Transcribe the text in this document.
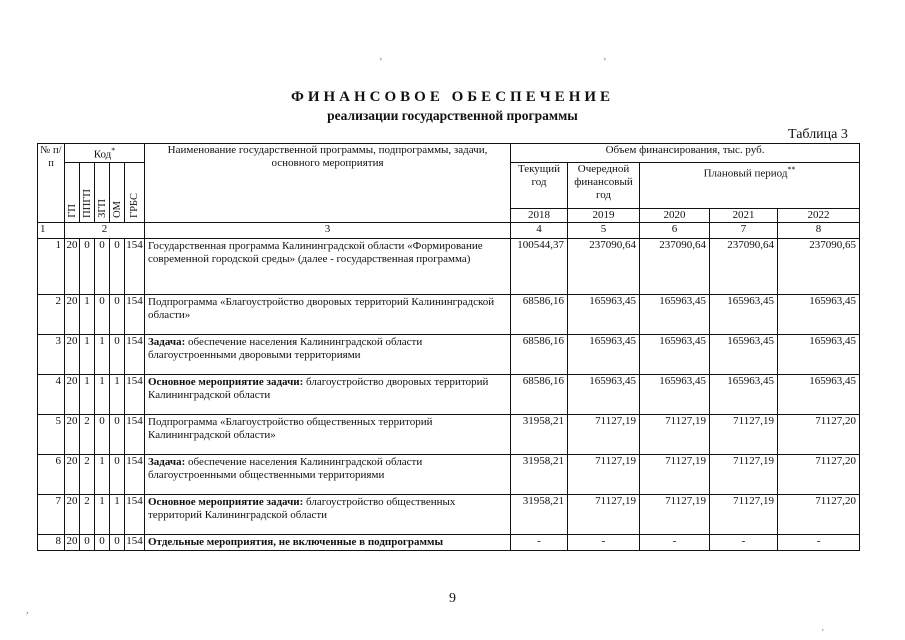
'	'
ФИНАНСОВОЕ ОБЕСПЕЧЕНИЕ
реализации государственной программы
Таблица 3
№ п/п	Код*					Наименование государственной программы, подпрограммы, задачи, основного мероприятия	Объем финансирования, тыс. руб.				
	ГП	ППГП	ЗГП	ОМ	ГРБС		Текущий год	Очередной финансовый год	Плановый период**
							2018	2019	2020	2021	2022
1	2					3	4	5	6	7	8
1	20	0	0	0	154	Государственная программа Калининградской области «Формирование современной городской среды» (далее - государственная программа)	100544,37	237090,64	237090,64	237090,64	237090,65
2	20	1	0	0	154	Подпрограмма «Благоустройство дворовых территорий Калининградской области»	68586,16	165963,45	165963,45	165963,45	165963,45
3	20	1	1	0	154	Задача: обеспечение населения Калининградской области благоустроенными дворовыми территориями	68586,16	165963,45	165963,45	165963,45	165963,45
4	20	1	1	1	154	Основное мероприятие задачи: благоустройство дворовых территорий Калининградской области	68586,16	165963,45	165963,45	165963,45	165963,45
5	20	2	0	0	154	Подпрограмма «Благоустройство общественных территорий Калининградской области»	31958,21	71127,19	71127,19	71127,19	71127,20
6	20	2	1	0	154	Задача: обеспечение населения Калининградской области благоустроенными общественными территориями	31958,21	71127,19	71127,19	71127,19	71127,20
7	20	2	1	1	154	Основное мероприятие задачи: благоустройство общественных территорий Калининградской области	31958,21	71127,19	71127,19	71127,19	71127,20
8	20	0	0	0	154	Отдельные мероприятия, не включенные в подпрограммы	-	-	-	-	-
9
,
'
